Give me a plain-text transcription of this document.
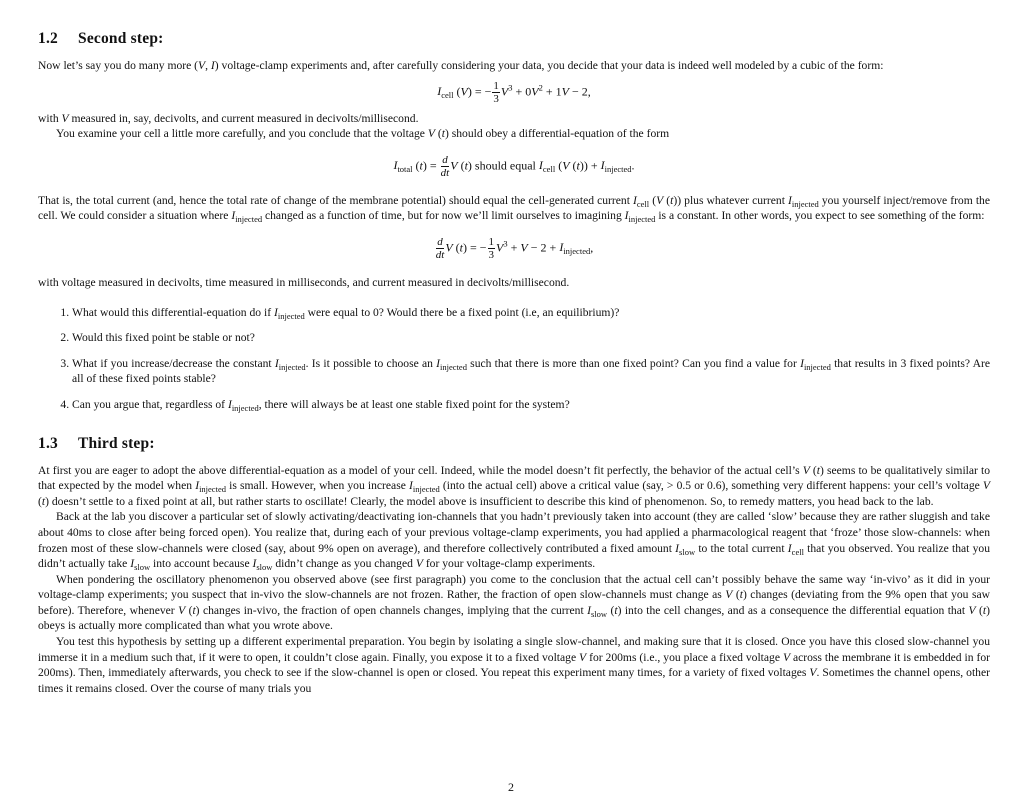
1.2 Second step:

Now let’s say you do many more (V, I) voltage-clamp experiments and, after carefully considering your data, you decide that your data is indeed well modeled by a cubic of the form:

$I_{cell}$ (V) = − $\frac{1}{3} V^3 + 0V^2 + 1V - 2$,

with V measured in, say, decivolts, and current measured in decivolts/millisecond.

You examine your cell a little more carefully, and you conclude that the voltage V (t) should obey a differential-equation of the form

$I_{total}$ $(t) = \frac{d}{dt}$ V (t) should equal $I_{cell}$ (V $(t)) + I_{injected}$.

That is, the total current (and, hence the total rate of change of the membrane potential) should equal the cell-generated current $I_{cell}$ (V (t)) plus whatever current $I_{injected}$ you yourself inject/remove from the cell. We could consider a situation where $I_{injected}$ changed as a function of time, but for now we’ll limit ourselves to imagining $I_{injected}$ is a constant. In other words, you expect to see something of the form:

$\frac{d}{dt}$ V (t) = − $\frac{1}{3} V^3 + V - 2 + I_{injected}$,

with voltage measured in decivolts, time measured in milliseconds, and current measured in decivolts/millisecond.

1. What would this differential-equation do if $I_{injected}$ were equal to 0? Would there be a fixed point (i.e, an equilibrium)?
2. Would this fixed point be stable or not?
3. What if you increase/decrease the constant $I_{injected}$. Is it possible to choose an $I_{injected}$ such that there is more than one fixed point? Can you find a value for $I_{injected}$ that results in 3 fixed points? Are all of these fixed points stable?
4. Can you argue that, regardless of $I_{injected}$, there will always be at least one stable fixed point for the system?
1.3 Third step:

At first you are eager to adopt the above differential-equation as a model of your cell. Indeed, while the model doesn’t fit perfectly, the behavior of the actual cell’s V (t) seems to be qualitatively similar to that expected by the model when $I_{injected}$ is small. However, when you increase $I_{injected}$ (into the actual cell) above a critical value (say, > 0.5 or 0.6), something very different happens: your cell’s voltage V (t) doesn’t settle to a fixed point at all, but rather starts to oscillate! Clearly, the model above is insufficient to describe this kind of phenomenon. So, to remedy matters, you head back to the lab.

Back at the lab you discover a particular set of slowly activating/deactivating ion-channels that you hadn’t previously taken into account (they are called ‘slow’ because they are rather sluggish and take about 40ms to close after being forced open). You realize that, during each of your previous voltage-clamp experiments, you had applied a pharmacological reagent that ‘froze’ those slow-channels: when frozen most of these slow-channels were closed (say, about 9% open on average), and therefore collectively contributed a fixed amount $I_{slow}$ to the total current $I_{cell}$ that you observed. You realize that you didn’t actually take $I_{slow}$ into account because $I_{slow}$ didn’t change as you changed V for your voltage-clamp experiments.

When pondering the oscillatory phenomenon you observed above (see first paragraph) you come to the conclusion that the actual cell can’t possibly behave the same way ‘in-vivo’ as it did in your voltage-clamp experiments; you suspect that in-vivo the slow-channels are not frozen. Rather, the fraction of open slow-channels must change as V (t) changes (deviating from the 9% open that you saw before). Therefore, whenever V (t) changes in-vivo, the fraction of open channels changes, implying that the current $I_{slow}$ (t) into the cell changes, and as a consequence the differential equation that V (t) obeys is actually more complicated than what you wrote above.

You test this hypothesis by setting up a different experimental preparation. You begin by isolating a single slow-channel, and making sure that it is closed. Once you have this closed slow-channel you immerse it in a medium such that, if it were to open, it couldn’t close again. Finally, you expose it to a fixed voltage V for 200ms (i.e., you place a fixed voltage V across the membrane it is embedded in for 200ms). Then, immediately afterwards, you check to see if the slow-channel is open or closed. You repeat this experiment many times, for a variety of fixed voltages V. Sometimes the channel opens, other times it remains closed. Over the course of many trials you

2
